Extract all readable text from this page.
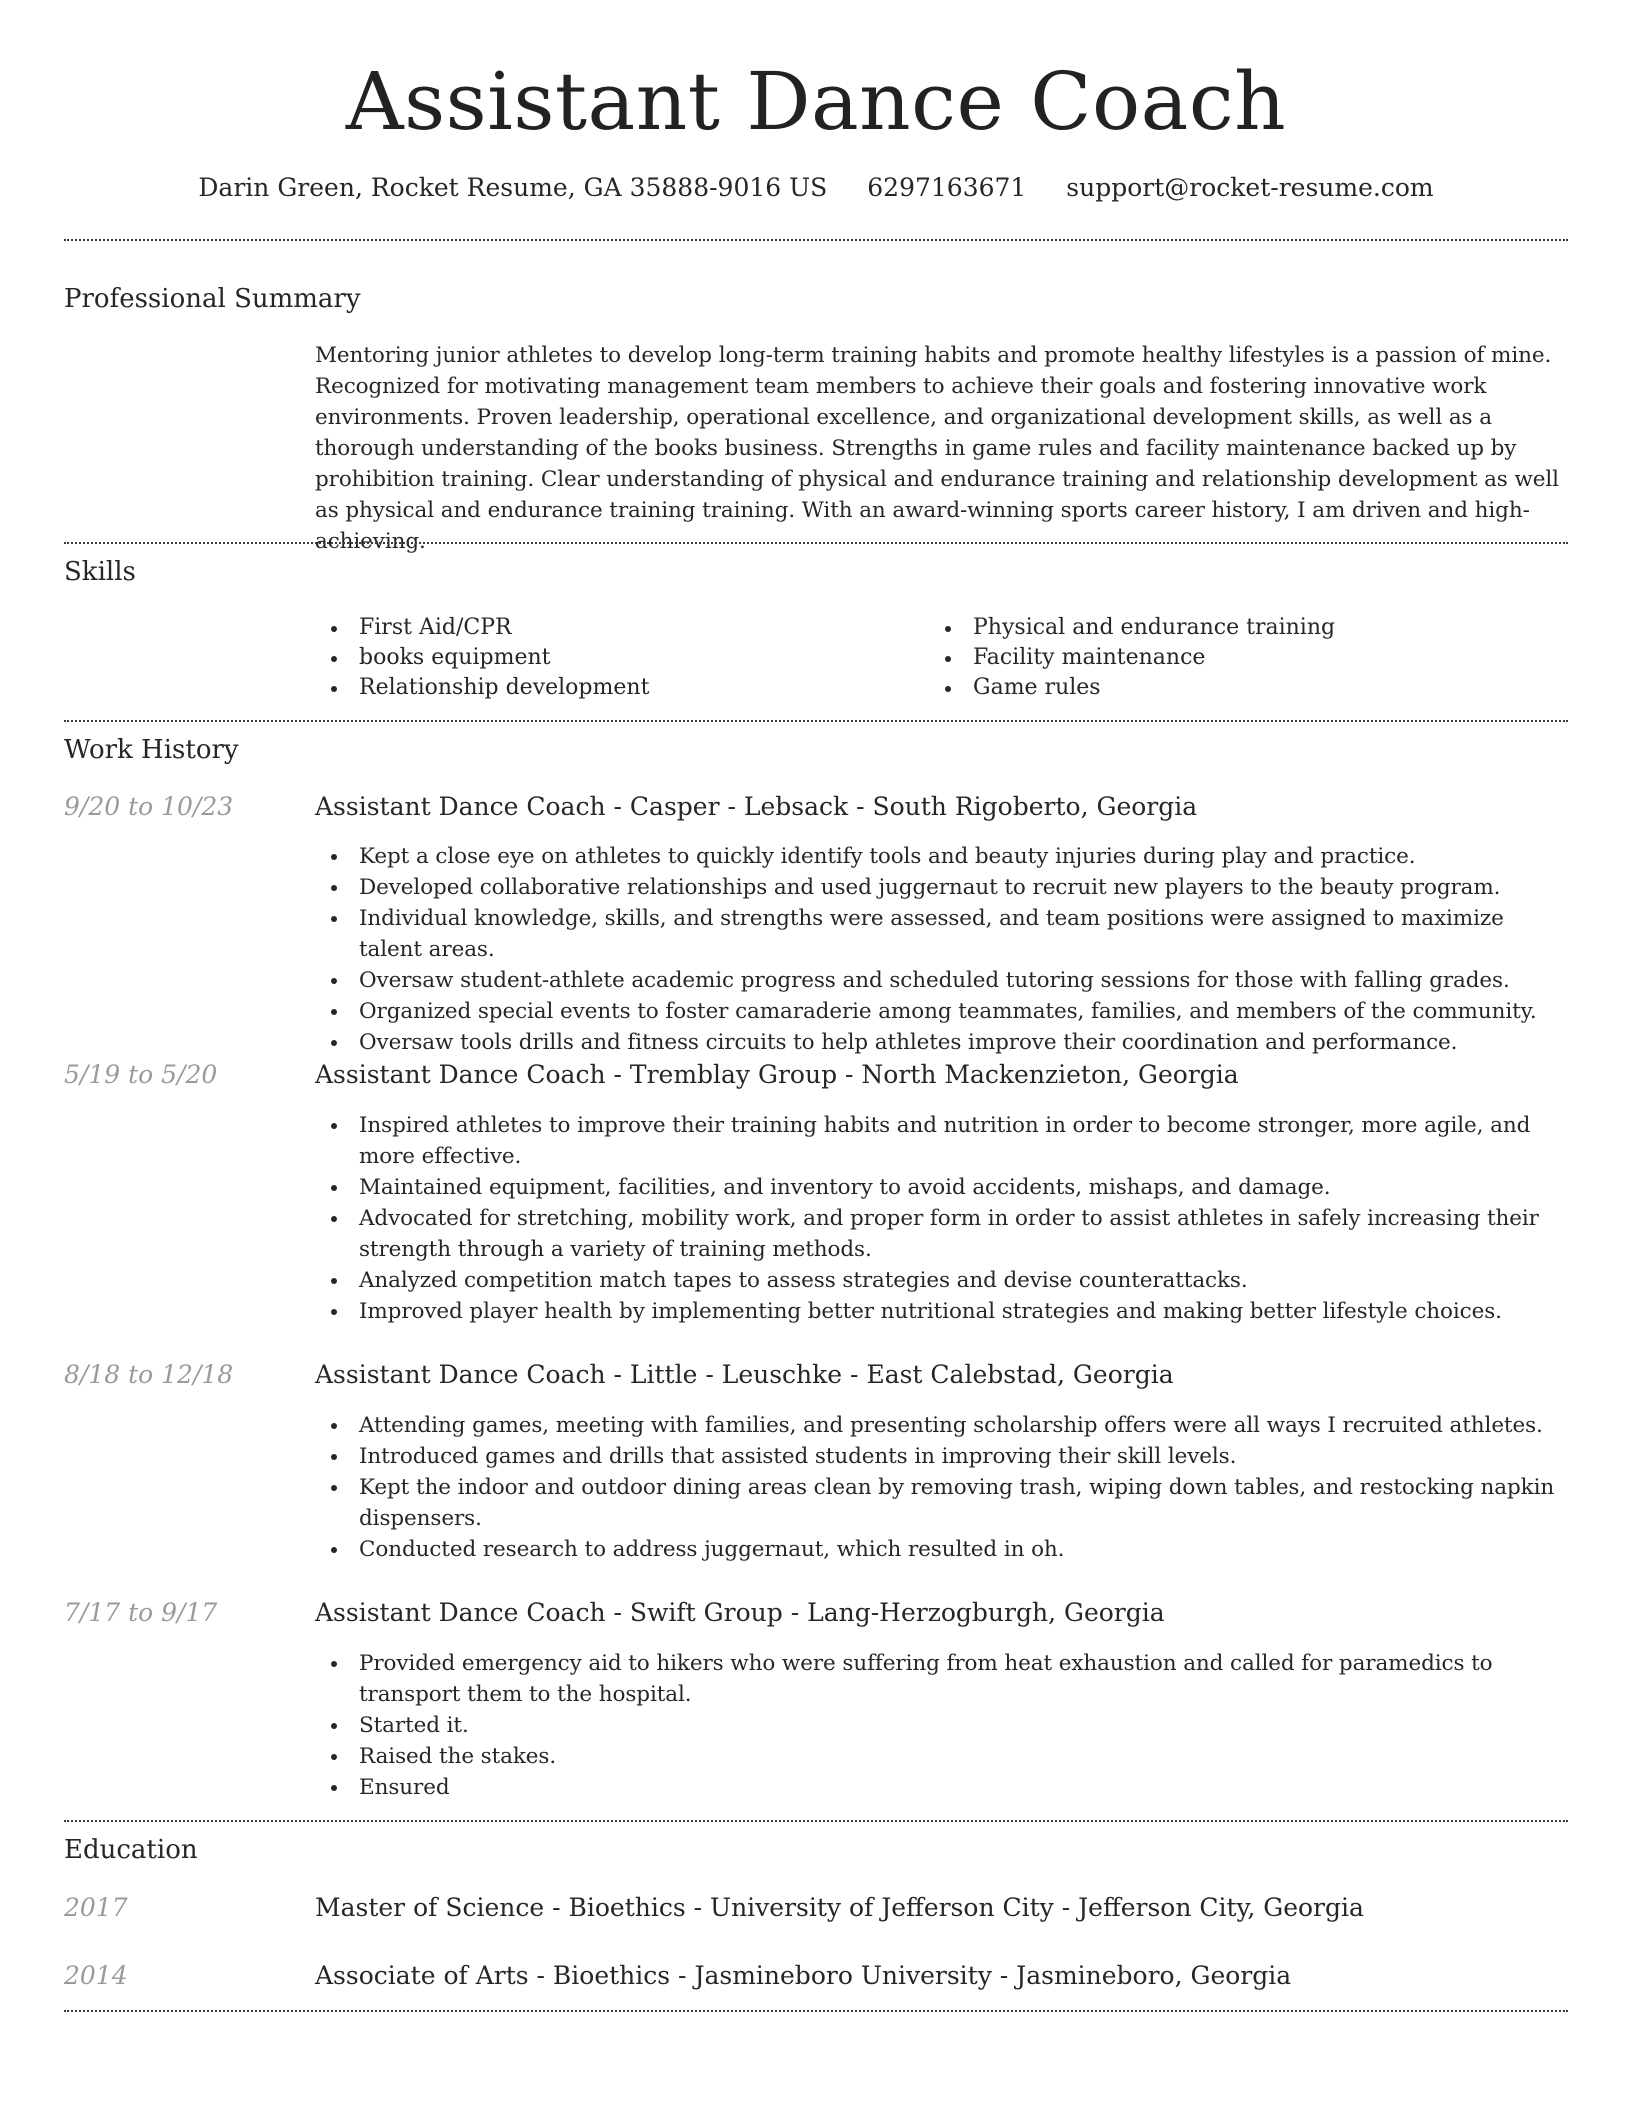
Assistant Dance Coach
Darin Green, Rocket Resume, GA 35888-9016 US 6297163671 support@rocket-resume.com
Professional Summary

Mentoring junior athletes to develop long-term training habits and promote healthy lifestyles is a passion of mine. Recognized for motivating management team members to achieve their goals and fostering innovative work environments. Proven leadership, operational excellence, and organizational development skills, as well as a thorough understanding of the books business. Strengths in game rules and facility maintenance backed up by prohibition training. Clear understanding of physical and endurance training and relationship development as well as physical and endurance training training. With an award-winning sports career history, I am driven and high-achieving.

Skills
First Aid/CPR
books equipment
Relationship development
Physical and endurance training
Facility maintenance
Game rules
Work History
9/20 to 10/23	Assistant Dance Coach - Casper - Lebsack - South Rigoberto, Georgia
Kept a close eye on athletes to quickly identify tools and beauty injuries during play and practice.
Developed collaborative relationships and used juggernaut to recruit new players to the beauty program.
Individual knowledge, skills, and strengths were assessed, and team positions were assigned to maximize talent areas.
Oversaw student-athlete academic progress and scheduled tutoring sessions for those with falling grades.
Organized special events to foster camaraderie among teammates, families, and members of the community.
Oversaw tools drills and fitness circuits to help athletes improve their coordination and performance.
5/19 to 5/20	Assistant Dance Coach - Tremblay Group - North Mackenzieton, Georgia
Inspired athletes to improve their training habits and nutrition in order to become stronger, more agile, and more effective.
Maintained equipment, facilities, and inventory to avoid accidents, mishaps, and damage.
Advocated for stretching, mobility work, and proper form in order to assist athletes in safely increasing their strength through a variety of training methods.
Analyzed competition match tapes to assess strategies and devise counterattacks.
Improved player health by implementing better nutritional strategies and making better lifestyle choices.
8/18 to 12/18	Assistant Dance Coach - Little - Leuschke - East Calebstad, Georgia
Attending games, meeting with families, and presenting scholarship offers were all ways I recruited athletes.
Introduced games and drills that assisted students in improving their skill levels.
Kept the indoor and outdoor dining areas clean by removing trash, wiping down tables, and restocking napkin dispensers.
Conducted research to address juggernaut, which resulted in oh.
7/17 to 9/17	Assistant Dance Coach - Swift Group - Lang-Herzogburgh, Georgia
Provided emergency aid to hikers who were suffering from heat exhaustion and called for paramedics to transport them to the hospital.
Started it.
Raised the stakes.
Ensured
Education
2017	Master of Science - Bioethics - University of Jefferson City - Jefferson City, Georgia
2014	Associate of Arts - Bioethics - Jasmineboro University - Jasmineboro, Georgia
